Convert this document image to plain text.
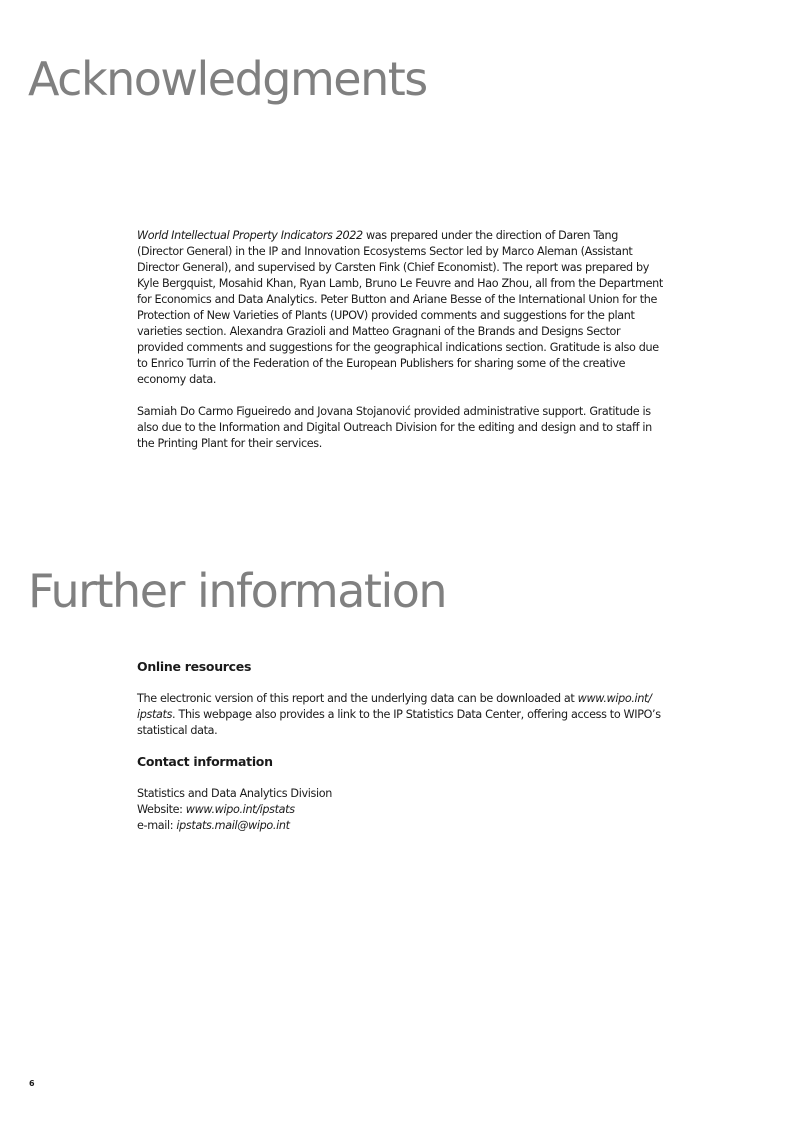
Acknowledgments

World Intellectual Property Indicators 2022 was prepared under the direction of Daren Tang (Director General) in the IP and Innovation Ecosystems Sector led by Marco Aleman (Assistant Director General), and supervised by Carsten Fink (Chief Economist). The report was prepared by Kyle Bergquist, Mosahid Khan, Ryan Lamb, Bruno Le Feuvre and Hao Zhou, all from the Department for Economics and Data Analytics. Peter Button and Ariane Besse of the International Union for the Protection of New Varieties of Plants (UPOV) provided comments and suggestions for the plant varieties section. Alexandra Grazioli and Matteo Gragnani of the Brands and Designs Sector provided comments and suggestions for the geographical indications section. Gratitude is also due to Enrico Turrin of the Federation of the European Publishers for sharing some of the creative economy data.

Samiah Do Carmo Figueiredo and Jovana Stojanović provided administrative support. Gratitude is also due to the Information and Digital Outreach Division for the editing and design and to staff in the Printing Plant for their services.

Further information

Online resources

The electronic version of this report and the underlying data can be downloaded at www.wipo.int/ ipstats. This webpage also provides a link to the IP Statistics Data Center, offering access to WIPO’s statistical data.

Contact information

Statistics and Data Analytics Division

Website: www.wipo.int/ipstats

e-mail: ipstats.mail@wipo.int

6
